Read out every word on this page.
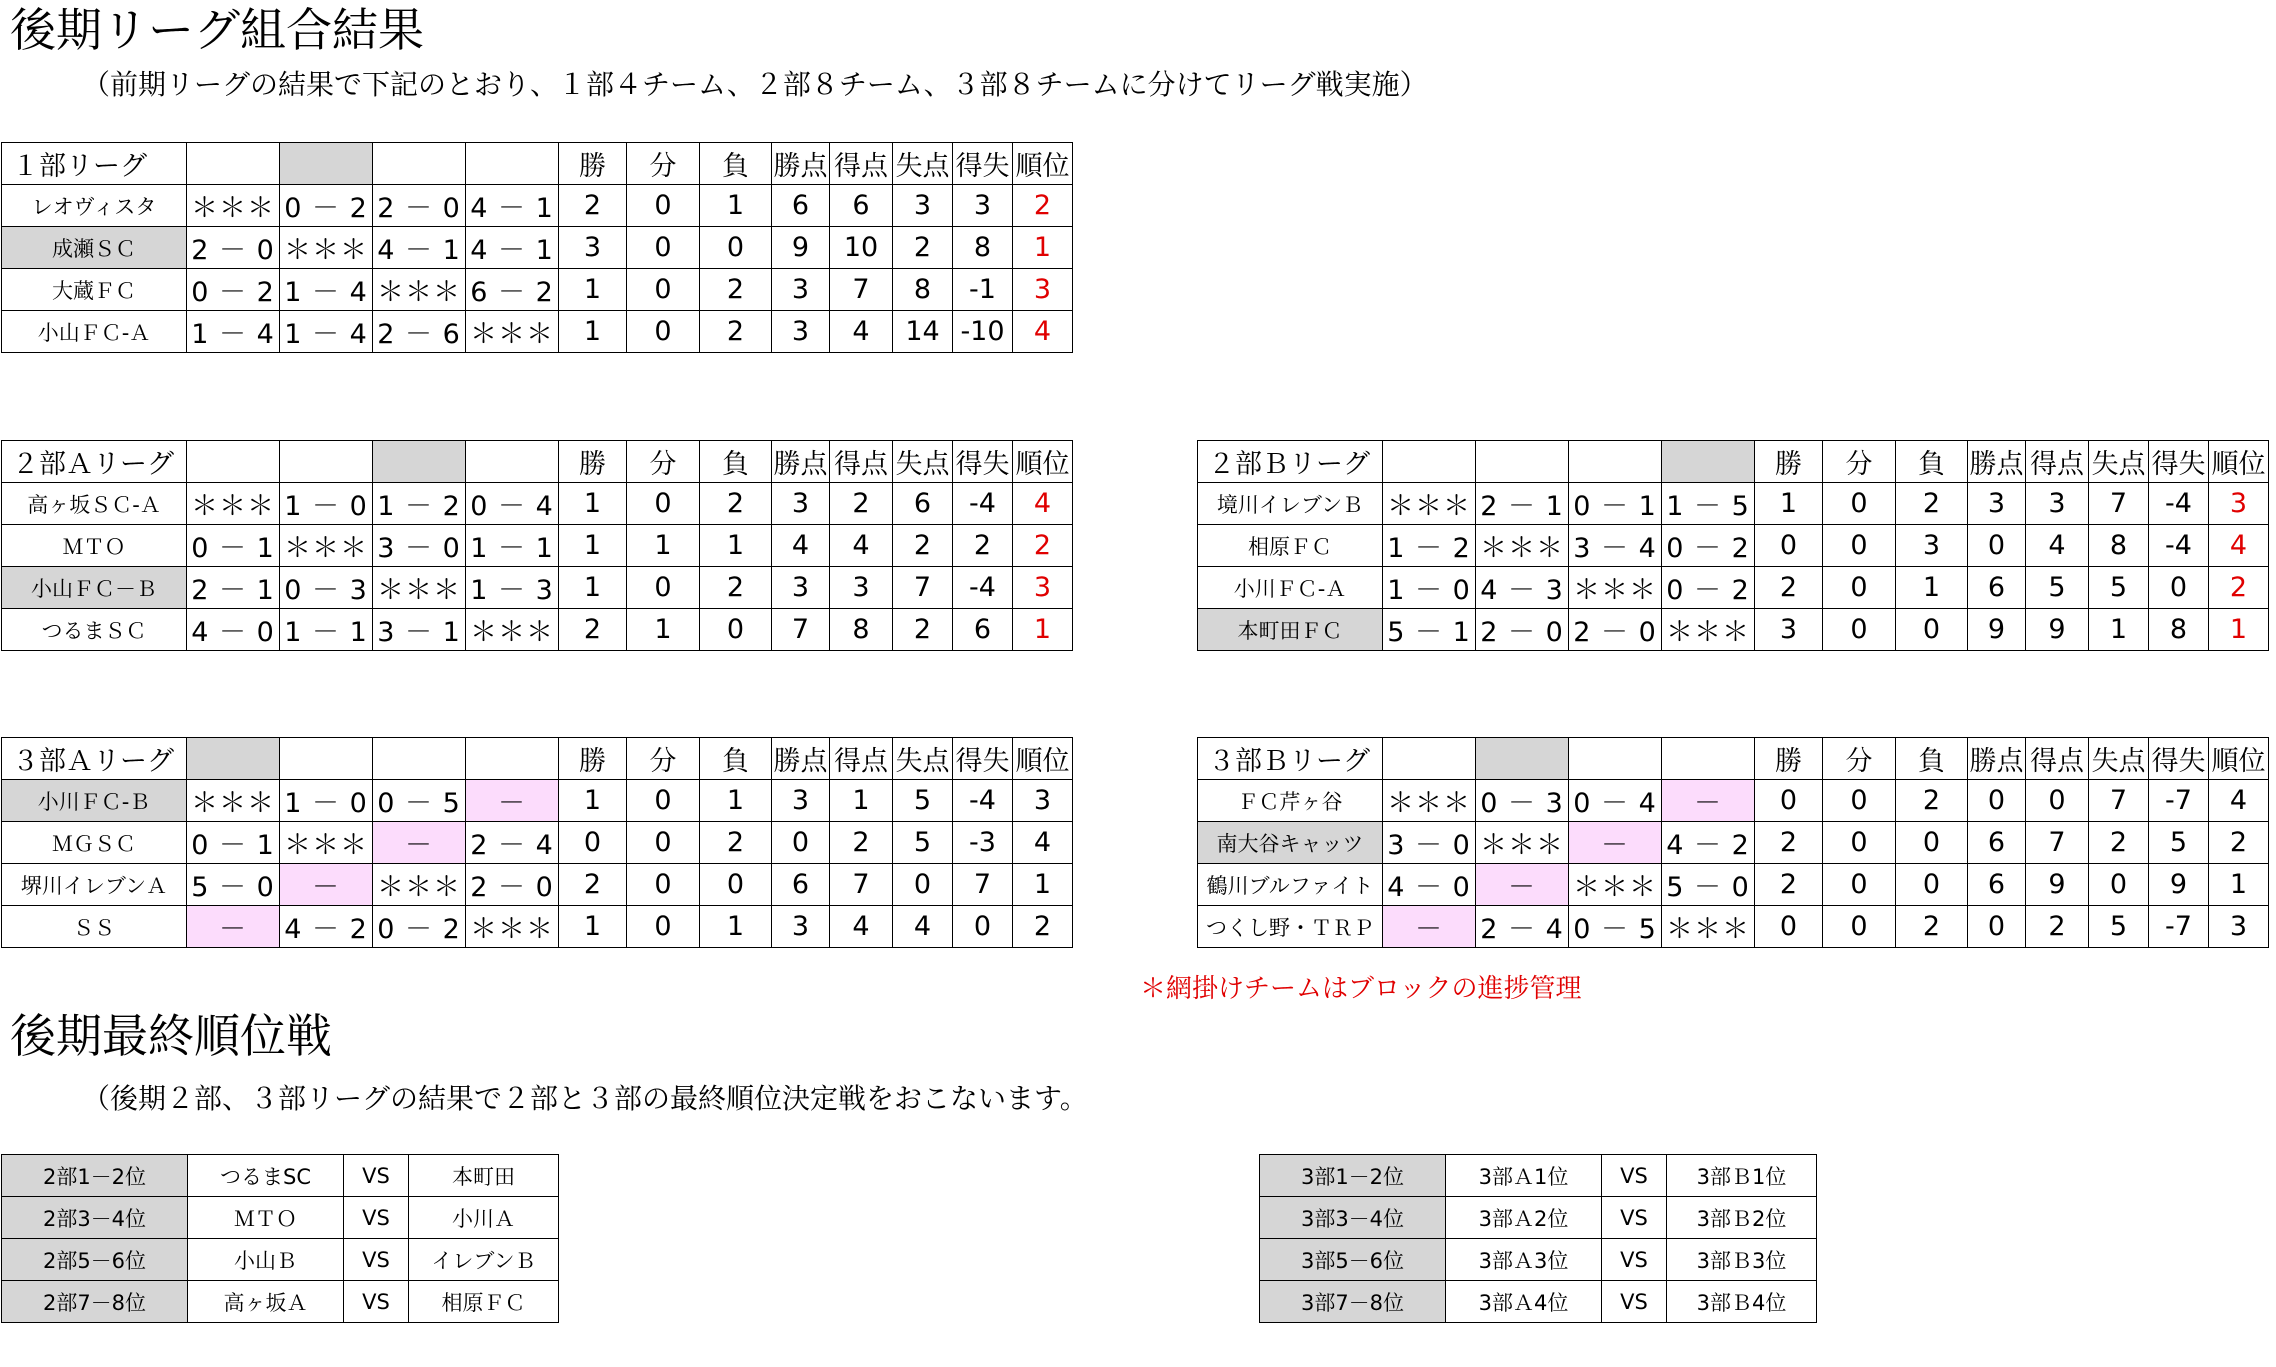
後期リーグ組合結果
（前期リーグの結果で下記のとおり、１部４チーム、２部８チーム、３部８チームに分けてリーグ戦実施）
１部リーグ					勝	分	負	勝点	得点	失点	得失	順位
レオヴィスタ	＊＊＊	0 － 2	2 － 0	4 － 1	2	0	1	6	6	3	3	2
成瀬ＳＣ	2 － 0	＊＊＊	4 － 1	4 － 1	3	0	0	9	10	2	8	1
大蔵ＦＣ	0 － 2	1 － 4	＊＊＊	6 － 2	1	0	2	3	7	8	-1	3
小山ＦＣ-Ａ	1 － 4	1 － 4	2 － 6	＊＊＊	1	0	2	3	4	14	-10	4
２部Ａリーグ					勝	分	負	勝点	得点	失点	得失	順位
高ヶ坂ＳＣ-Ａ	＊＊＊	1 － 0	1 － 2	0 － 4	1	0	2	3	2	6	-4	4
ＭＴＯ	0 － 1	＊＊＊	3 － 0	1 － 1	1	1	1	4	4	2	2	2
小山ＦＣ－Ｂ	2 － 1	0 － 3	＊＊＊	1 － 3	1	0	2	3	3	7	-4	3
つるまＳＣ	4 － 0	1 － 1	3 － 1	＊＊＊	2	1	0	7	8	2	6	1
２部Ｂリーグ					勝	分	負	勝点	得点	失点	得失	順位
境川イレブンＢ	＊＊＊	2 － 1	0 － 1	1 － 5	1	0	2	3	3	7	-4	3
相原ＦＣ	1 － 2	＊＊＊	3 － 4	0 － 2	0	0	3	0	4	8	-4	4
小川ＦＣ-Ａ	1 － 0	4 － 3	＊＊＊	0 － 2	2	0	1	6	5	5	0	2
本町田ＦＣ	5 － 1	2 － 0	2 － 0	＊＊＊	3	0	0	9	9	1	8	1
３部Ａリーグ					勝	分	負	勝点	得点	失点	得失	順位
小川ＦＣ-Ｂ	＊＊＊	1 － 0	0 － 5	－	1	0	1	3	1	5	-4	3
ＭＧＳＣ	0 － 1	＊＊＊	－	2 － 4	0	0	2	0	2	5	-3	4
堺川イレブンＡ	5 － 0	－	＊＊＊	2 － 0	2	0	0	6	7	0	7	1
ＳＳ	－	4 － 2	0 － 2	＊＊＊	1	0	1	3	4	4	0	2
３部Ｂリーグ					勝	分	負	勝点	得点	失点	得失	順位
ＦＣ芹ヶ谷	＊＊＊	0 － 3	0 － 4	－	0	0	2	0	0	7	-7	4
南大谷キャッツ	3 － 0	＊＊＊	－	4 － 2	2	0	0	6	7	2	5	2
鶴川ブルファイト	4 － 0	－	＊＊＊	5 － 0	2	0	0	6	9	0	9	1
つくし野・ＴＲＰ	－	2 － 4	0 － 5	＊＊＊	0	0	2	0	2	5	-7	3
＊網掛けチームはブロックの進捗管理
後期最終順位戦
（後期２部、３部リーグの結果で２部と３部の最終順位決定戦をおこないます。
2部1－2位	つるまSC	VS	本町田
2部3－4位	ＭＴＯ	VS	小川Ａ
2部5－6位	小山Ｂ	VS	イレブンＢ
2部7－8位	高ヶ坂Ａ	VS	相原ＦＣ
3部1－2位	3部Ａ1位	VS	3部Ｂ1位
3部3－4位	3部Ａ2位	VS	3部Ｂ2位
3部5－6位	3部Ａ3位	VS	3部Ｂ3位
3部7－8位	3部Ａ4位	VS	3部Ｂ4位
